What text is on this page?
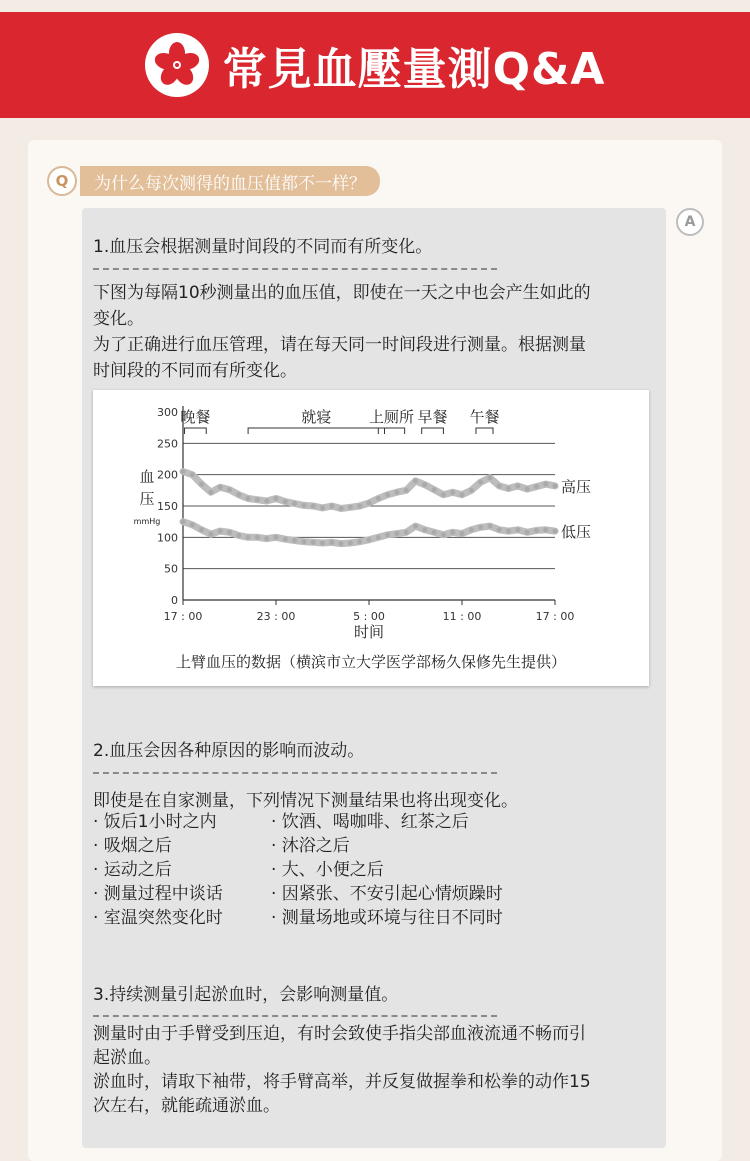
常見血壓量測Q&A
Q	为什么每次测得的血压值都不一样？
A
1.血压会根据测量时间段的不同而有所变化。
下图为每隔10秒测量出的血压值，即使在一天之中也会产生如此的
变化。
为了正确进行血压管理，请在每天同一时间段进行测量。根据测量
时间段的不同而有所变化。
0
50
100
150
200
250
300
17 : 00	23 : 00	5 : 00	11 : 00	17 : 00
时间
血
压
mmHg
晚餐	就寝	上厕所 早餐 午餐
高压
低压
上臂血压的数据（横滨市立大学医学部杨久保修先生提供）
2.血压会因各种原因的影响而波动。
即使是在自家测量，下列情况下测量结果也将出现变化。
· 饭后1小时之内	· 饮酒、喝咖啡、红茶之后
· 吸烟之后	· 沐浴之后
· 运动之后	· 大、小便之后
· 测量过程中谈话	· 因紧张、不安引起心情烦躁时
· 室温突然变化时	· 测量场地或环境与往日不同时
3.持续测量引起淤血时，会影响测量值。
测量时由于手臂受到压迫，有时会致使手指尖部血液流通不畅而引
起淤血。
淤血时，请取下袖带，将手臂高举，并反复做握拳和松拳的动作15
次左右，就能疏通淤血。
